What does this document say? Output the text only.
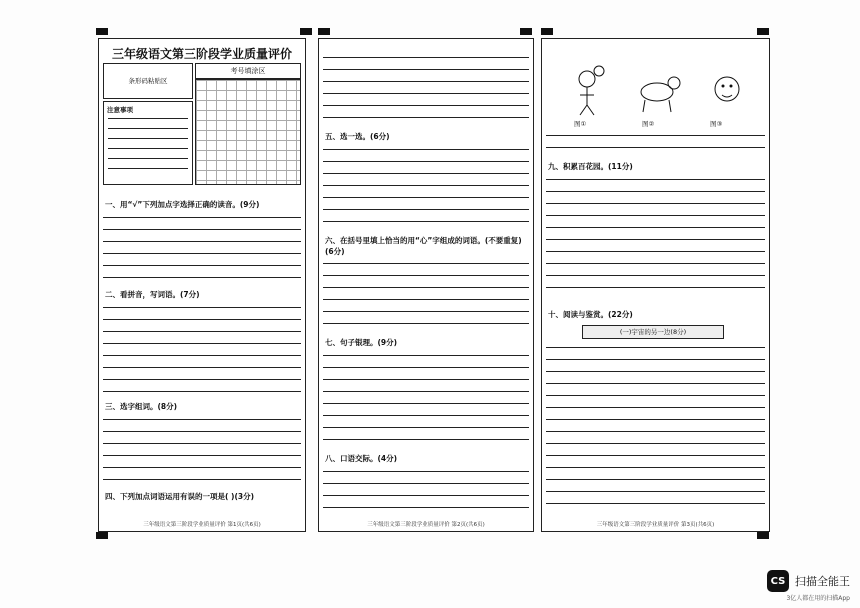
三年级语文第三阶段学业质量评价
条形码粘贴区
考号填涂区
注意事项
一、用“√”下列加点字选择正确的读音。(9分)
二、看拼音，写词语。(7分)
三、选字组词。(8分)
四、下列加点词语运用有误的一项是( )(3分)
三年级语文第三阶段学业质量评价 第1页(共6页)
五、选一选。(6分)
六、在括号里填上恰当的用“心”字组成的词语。(不要重复)(6分)
七、句子银理。(9分)
八、口语交际。(4分)
三年级语文第三阶段学业质量评价 第2页(共6页)
图①	图②	图③
九、积累百花园。(11分)
十、阅读与鉴赏。(22分)
(一)宇宙的另一边(8分)
三年级语文第三阶段学业质量评价 第3页(共6页)
CS 扫描全能王
3亿人都在用的扫描App
